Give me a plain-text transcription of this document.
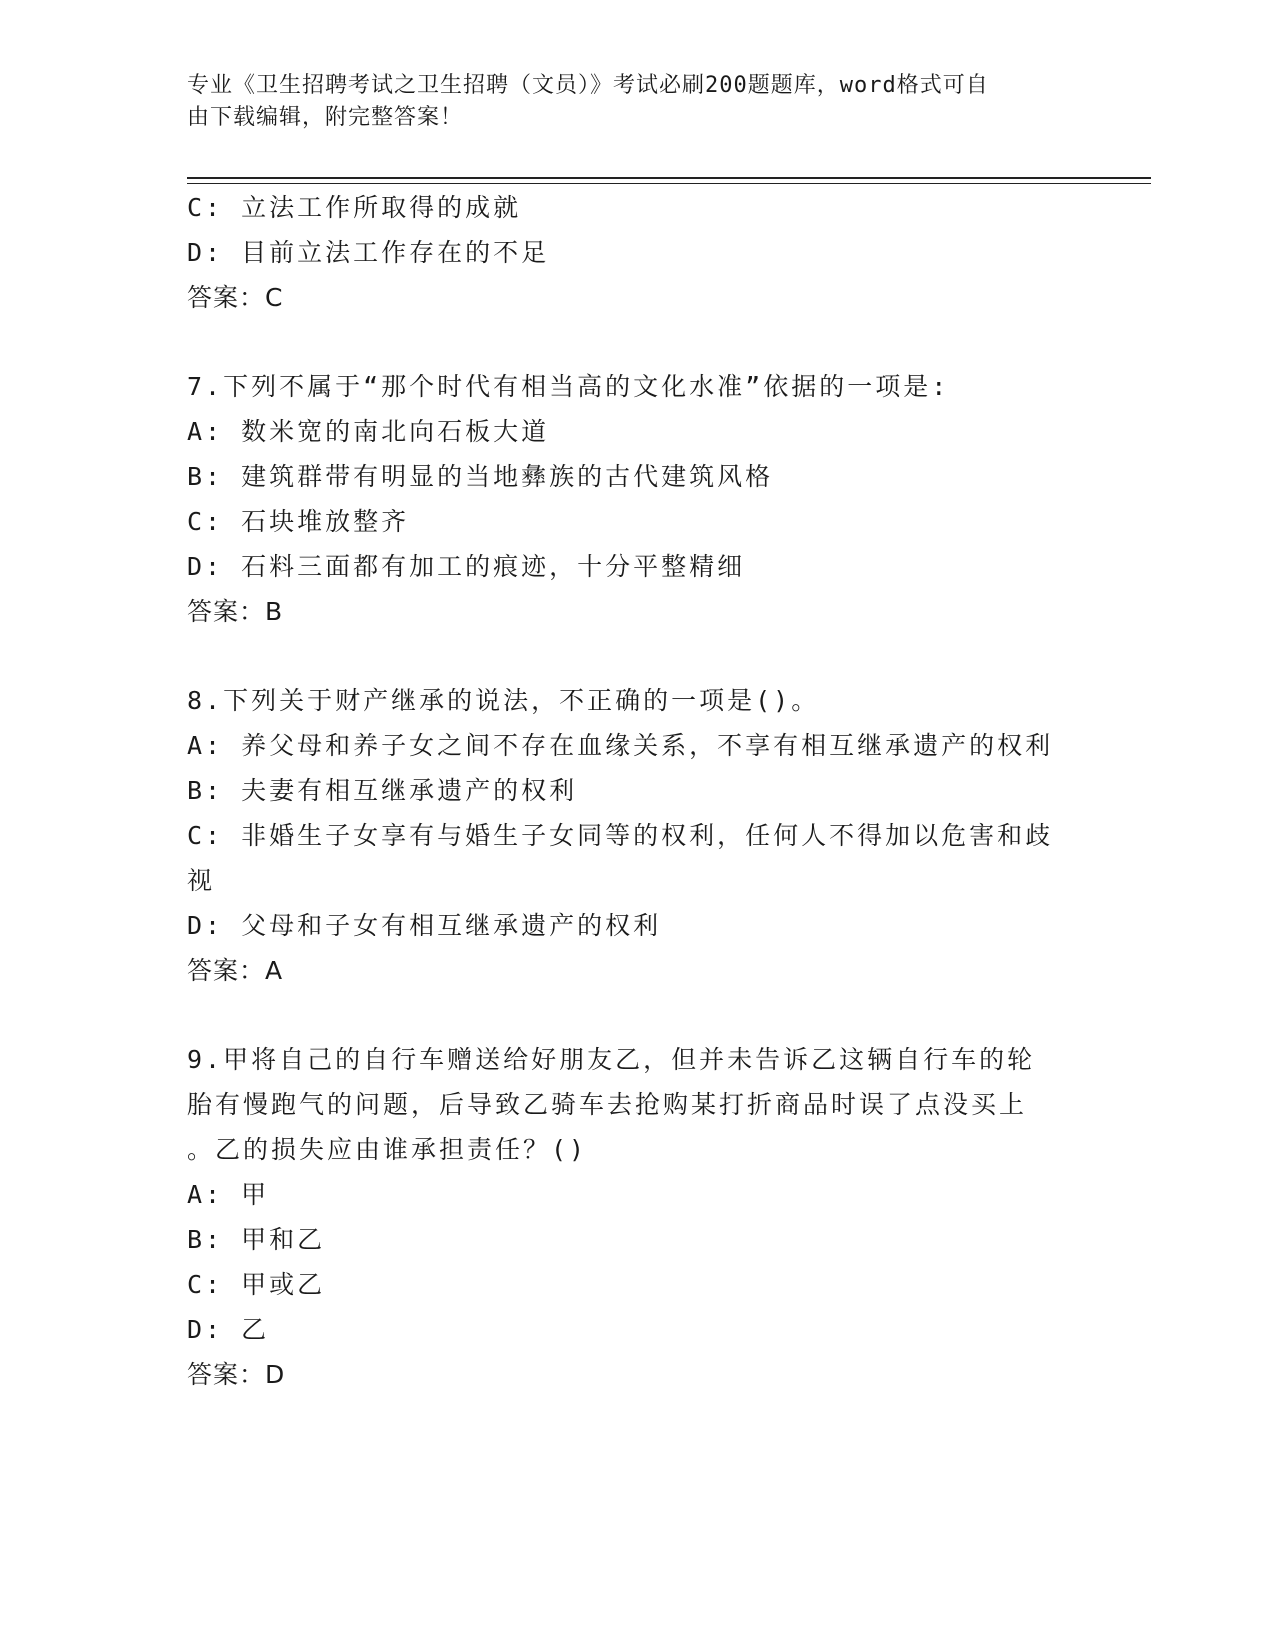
专业《卫生招聘考试之卫生招聘（文员）》考试必刷200题题库，word格式可自
由下载编辑，附完整答案！
C: 立法工作所取得的成就
D: 目前立法工作存在的不足
答案：C
7.下列不属于“那个时代有相当高的文化水准”依据的一项是:
A: 数米宽的南北向石板大道
B: 建筑群带有明显的当地彝族的古代建筑风格
C: 石块堆放整齐
D: 石料三面都有加工的痕迹，十分平整精细
答案：B
8.下列关于财产继承的说法，不正确的一项是()。
A: 养父母和养子女之间不存在血缘关系，不享有相互继承遗产的权利
B: 夫妻有相互继承遗产的权利
C: 非婚生子女享有与婚生子女同等的权利，任何人不得加以危害和歧
视
D: 父母和子女有相互继承遗产的权利
答案：A
9.甲将自己的自行车赠送给好朋友乙，但并未告诉乙这辆自行车的轮
胎有慢跑气的问题，后导致乙骑车去抢购某打折商品时误了点没买上
。乙的损失应由谁承担责任？()
A: 甲
B: 甲和乙
C: 甲或乙
D: 乙
答案：D
